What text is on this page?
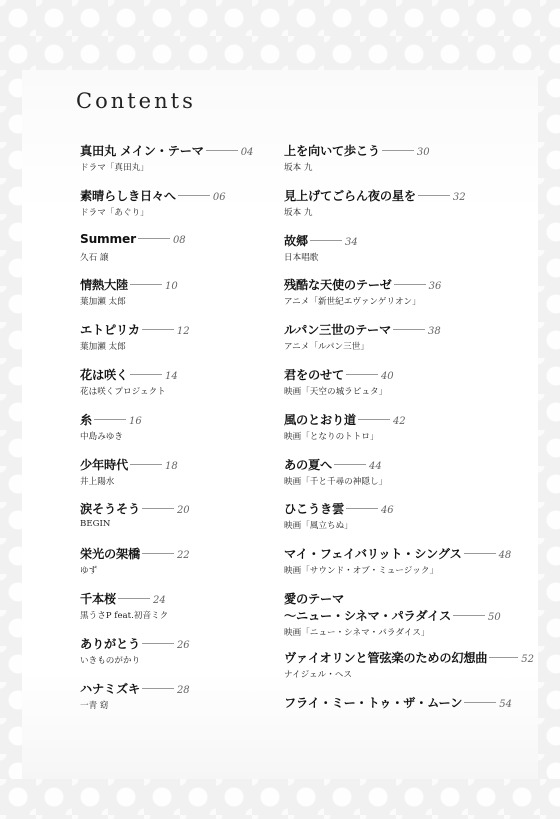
Contents
真田丸 メイン・テーマ	04
ドラマ「真田丸」
素晴らしき日々へ	06
ドラマ「あぐり」
Summer	08
久石 譲
情熱大陸	10
葉加瀬 太郎
エトピリカ	12
葉加瀬 太郎
花は咲く	14
花は咲くプロジェクト
糸	16
中島みゆき
少年時代	18
井上陽水
涙そうそう	20
BEGIN
栄光の架橋	22
ゆず
千本桜	24
黒うさP feat.初音ミク
ありがとう	26
いきものがかり
ハナミズキ	28
一青 窈
上を向いて歩こう	30
坂本 九
見上げてごらん夜の星を	32
坂本 九
故郷	34
日本唱歌
残酷な天使のテーゼ	36
アニメ「新世紀エヴァンゲリオン」
ルパン三世のテーマ	38
アニメ「ルパン三世」
君をのせて	40
映画「天空の城ラピュタ」
風のとおり道	42
映画「となりのトトロ」
あの夏へ	44
映画「千と千尋の神隠し」
ひこうき雲	46
映画「風立ちぬ」
マイ・フェイバリット・シングス	48
映画「サウンド・オブ・ミュージック」
愛のテーマ
〜ニュー・シネマ・パラダイス	50
映画「ニュー・シネマ・パラダイス」
ヴァイオリンと管弦楽のための幻想曲	52
ナイジェル・ヘス
フライ・ミー・トゥ・ザ・ムーン	54
